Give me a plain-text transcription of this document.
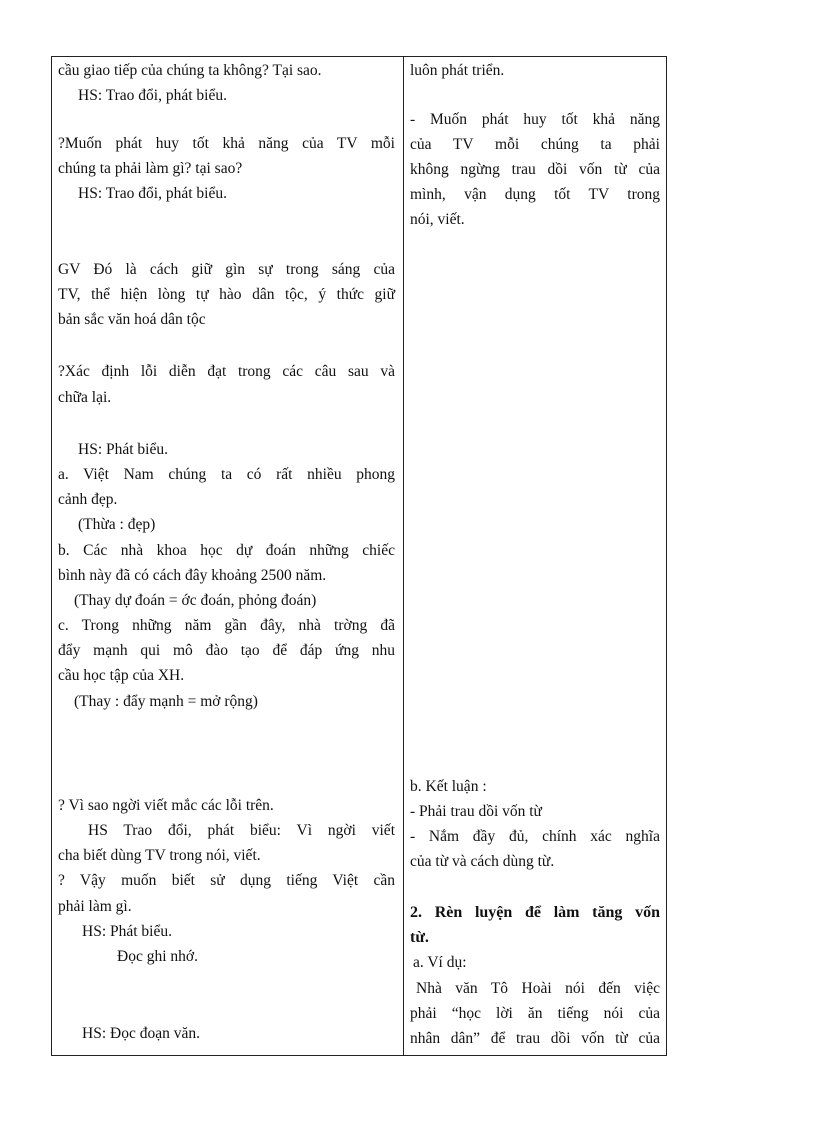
cầu giao tiếp của chúng ta không? Tại sao.
HS: Trao đổi, phát biểu.
?Muốn phát huy tốt khả năng của TV mỗi
chúng ta phải làm gì? tại sao?
HS: Trao đổi, phát biểu.
GV Đó là cách giữ gìn sự trong sáng của
TV, thể hiện lòng tự hào dân tộc, ý thức giữ
bản sắc văn hoá dân tộc
?Xác định lỗi diễn đạt trong các câu sau và
chữa lại.
HS: Phát biểu.
a. Việt Nam chúng ta có rất nhiều phong
cảnh đẹp.
(Thừa : đẹp)
b. Các nhà khoa học dự đoán những chiếc
bình này đã có cách đây khoảng 2500 năm.
(Thay dự đoán = ớc đoán, phỏng đoán)
c. Trong những năm gần đây, nhà trờng đã
đẩy mạnh qui mô đào tạo để đáp ứng nhu
cầu học tập của XH.
(Thay : đẩy mạnh = mở rộng)
? Vì sao ngời viết mắc các lỗi trên.
HS Trao đổi, phát biểu: Vì ngời viết
cha biết dùng TV trong nói, viết.
? Vậy muốn biết sử dụng tiếng Việt cần
phải làm gì.
HS: Phát biểu.
Đọc ghi nhớ.
HS: Đọc đoạn văn.
luôn phát triển.
- Muốn phát huy tốt khả năng
của TV mỗi chúng ta phải
không ngừng trau dồi vốn từ của
mình, vận dụng tốt TV trong
nói, viết.
b. Kết luận :
- Phải trau dồi vốn từ
- Nắm đầy đủ, chính xác nghĩa
của từ và cách dùng từ.
2. Rèn luyện để làm tăng vốn
từ.
a. Ví dụ:
Nhà văn Tô Hoài nói đến việc
phải “học lời ăn tiếng nói của
nhân dân” để trau dồi vốn từ của
